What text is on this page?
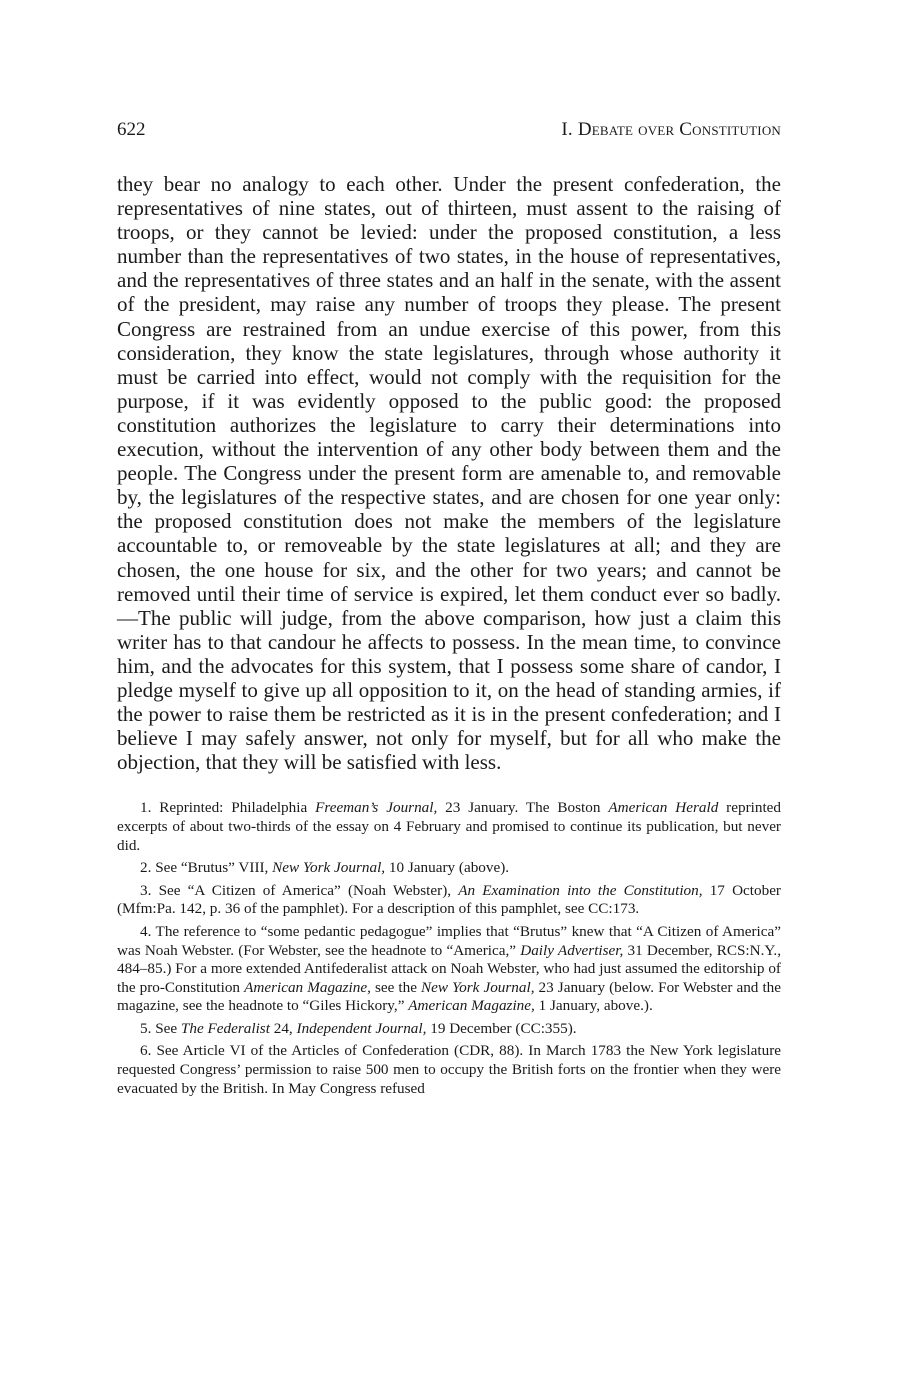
622	I. Debate over Constitution

they bear no analogy to each other. Under the present confederation, the representatives of nine states, out of thirteen, must assent to the raising of troops, or they cannot be levied: under the proposed constitution, a less number than the representatives of two states, in the house of representatives, and the representatives of three states and an half in the senate, with the assent of the president, may raise any number of troops they please. The present Congress are restrained from an undue exercise of this power, from this consideration, they know the state legislatures, through whose authority it must be carried into effect, would not comply with the requisition for the purpose, if it was evidently opposed to the public good: the proposed constitution authorizes the legislature to carry their determinations into execution, without the intervention of any other body between them and the people. The Congress under the present form are amenable to, and removable by, the legislatures of the respective states, and are chosen for one year only: the proposed constitution does not make the members of the legislature accountable to, or removeable by the state legislatures at all; and they are chosen, the one house for six, and the other for two years; and cannot be removed until their time of service is expired, let them conduct ever so badly.—The public will judge, from the above comparison, how just a claim this writer has to that candour he affects to possess. In the mean time, to convince him, and the advocates for this system, that I possess some share of candor, I pledge myself to give up all opposition to it, on the head of standing armies, if the power to raise them be restricted as it is in the present confederation; and I believe I may safely answer, not only for myself, but for all who make the objection, that they will be satisfied with less.

1. Reprinted: Philadelphia Freeman’s Journal, 23 January. The Boston American Herald reprinted excerpts of about two-thirds of the essay on 4 February and promised to continue its publication, but never did.

2. See “Brutus” VIII, New York Journal, 10 January (above).

3. See “A Citizen of America” (Noah Webster), An Examination into the Constitution, 17 October (Mfm:Pa. 142, p. 36 of the pamphlet). For a description of this pamphlet, see CC:173.

4. The reference to “some pedantic pedagogue” implies that “Brutus” knew that “A Citizen of America” was Noah Webster. (For Webster, see the headnote to “America,” Daily Advertiser, 31 December, RCS:N.Y., 484–85.) For a more extended Antifederalist attack on Noah Webster, who had just assumed the editorship of the pro-Constitution American Magazine, see the New York Journal, 23 January (below. For Webster and the magazine, see the headnote to “Giles Hickory,” American Magazine, 1 January, above.).

5. See The Federalist 24, Independent Journal, 19 December (CC:355).

6. See Article VI of the Articles of Confederation (CDR, 88). In March 1783 the New York legislature requested Congress’ permission to raise 500 men to occupy the British forts on the frontier when they were evacuated by the British. In May Congress refused
